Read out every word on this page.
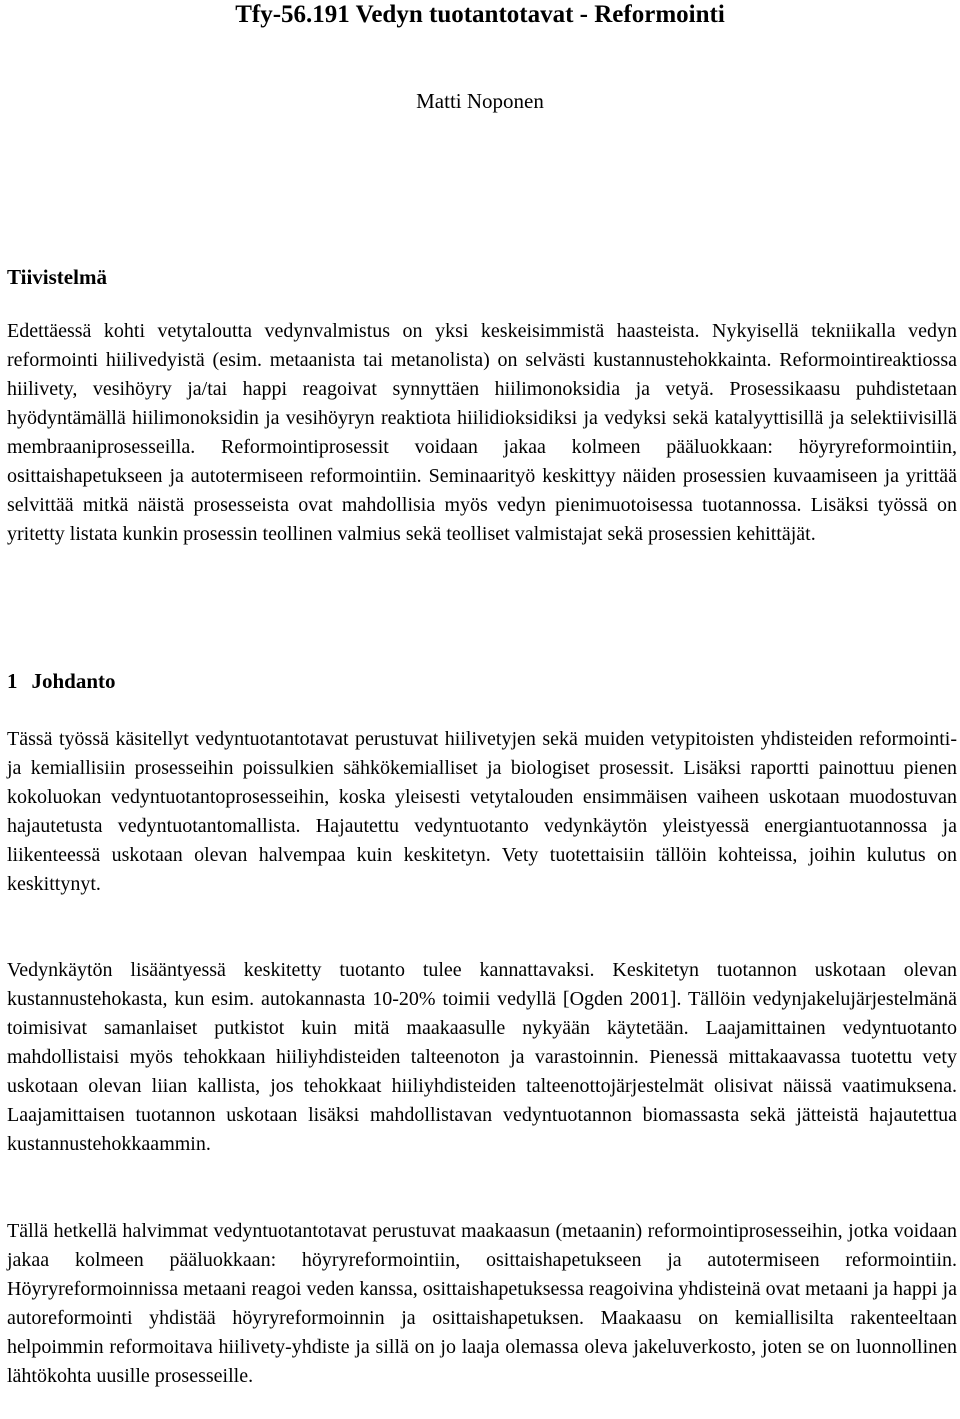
Tfy-56.191 Vedyn tuotantotavat - Reformointi
Matti Noponen
Tiivistelmä

Edettäessä kohti vetytaloutta vedynvalmistus on yksi keskeisimmistä haasteista. Nykyisellä tekniikalla vedyn reformointi hiilivedyistä (esim. metaanista tai metanolista) on selvästi kustannustehokkainta. Reformointireaktiossa hiilivety, vesihöyry ja/tai happi reagoivat synnyttäen hiilimonoksidia ja vetyä. Prosessikaasu puhdistetaan hyödyntämällä hiilimonoksidin ja vesihöyryn reaktiota hiilidioksidiksi ja vedyksi sekä katalyyttisillä ja selektiivisillä membraaniprosesseilla. Reformointiprosessit voidaan jakaa kolmeen pääluokkaan: höyryreformointiin, osittaishapetukseen ja autotermiseen reformointiin. Seminaarityö keskittyy näiden prosessien kuvaamiseen ja yrittää selvittää mitkä näistä prosesseista ovat mahdollisia myös vedyn pienimuotoisessa tuotannossa. Lisäksi työssä on yritetty listata kunkin prosessin teollinen valmius sekä teolliset valmistajat sekä prosessien kehittäjät.

1 Johdanto

Tässä työssä käsitellyt vedyntuotantotavat perustuvat hiilivetyjen sekä muiden vetypitoisten yhdisteiden reformointi- ja kemiallisiin prosesseihin poissulkien sähkökemialliset ja biologiset prosessit. Lisäksi raportti painottuu pienen kokoluokan vedyntuotantoprosesseihin, koska yleisesti vetytalouden ensimmäisen vaiheen uskotaan muodostuvan hajautetusta vedyntuotantomallista. Hajautettu vedyntuotanto vedynkäytön yleistyessä energiantuotannossa ja liikenteessä uskotaan olevan halvempaa kuin keskitetyn. Vety tuotettaisiin tällöin kohteissa, joihin kulutus on keskittynyt.

Vedynkäytön lisääntyessä keskitetty tuotanto tulee kannattavaksi. Keskitetyn tuotannon uskotaan olevan kustannustehokasta, kun esim. autokannasta 10-20% toimii vedyllä [Ogden 2001]. Tällöin vedynjakelujärjestelmänä toimisivat samanlaiset putkistot kuin mitä maakaasulle nykyään käytetään. Laajamittainen vedyntuotanto mahdollistaisi myös tehokkaan hiiliyhdisteiden talteenoton ja varastoinnin. Pienessä mittakaavassa tuotettu vety uskotaan olevan liian kallista, jos tehokkaat hiiliyhdisteiden talteenottojärjestelmät olisivat näissä vaatimuksena. Laajamittaisen tuotannon uskotaan lisäksi mahdollistavan vedyntuotannon biomassasta sekä jätteistä hajautettua kustannustehokkaammin.

Tällä hetkellä halvimmat vedyntuotantotavat perustuvat maakaasun (metaanin) reformointiprosesseihin, jotka voidaan jakaa kolmeen pääluokkaan: höyryreformointiin, osittaishapetukseen ja autotermiseen reformointiin. Höyryreformoinnissa metaani reagoi veden kanssa, osittaishapetuksessa reagoivina yhdisteinä ovat metaani ja happi ja autoreformointi yhdistää höyryreformoinnin ja osittaishapetuksen. Maakaasu on kemiallisilta rakenteeltaan helpoimmin reformoitava hiilivety-yhdiste ja sillä on jo laaja olemassa oleva jakeluverkosto, joten se on luonnollinen lähtökohta uusille prosesseille.
